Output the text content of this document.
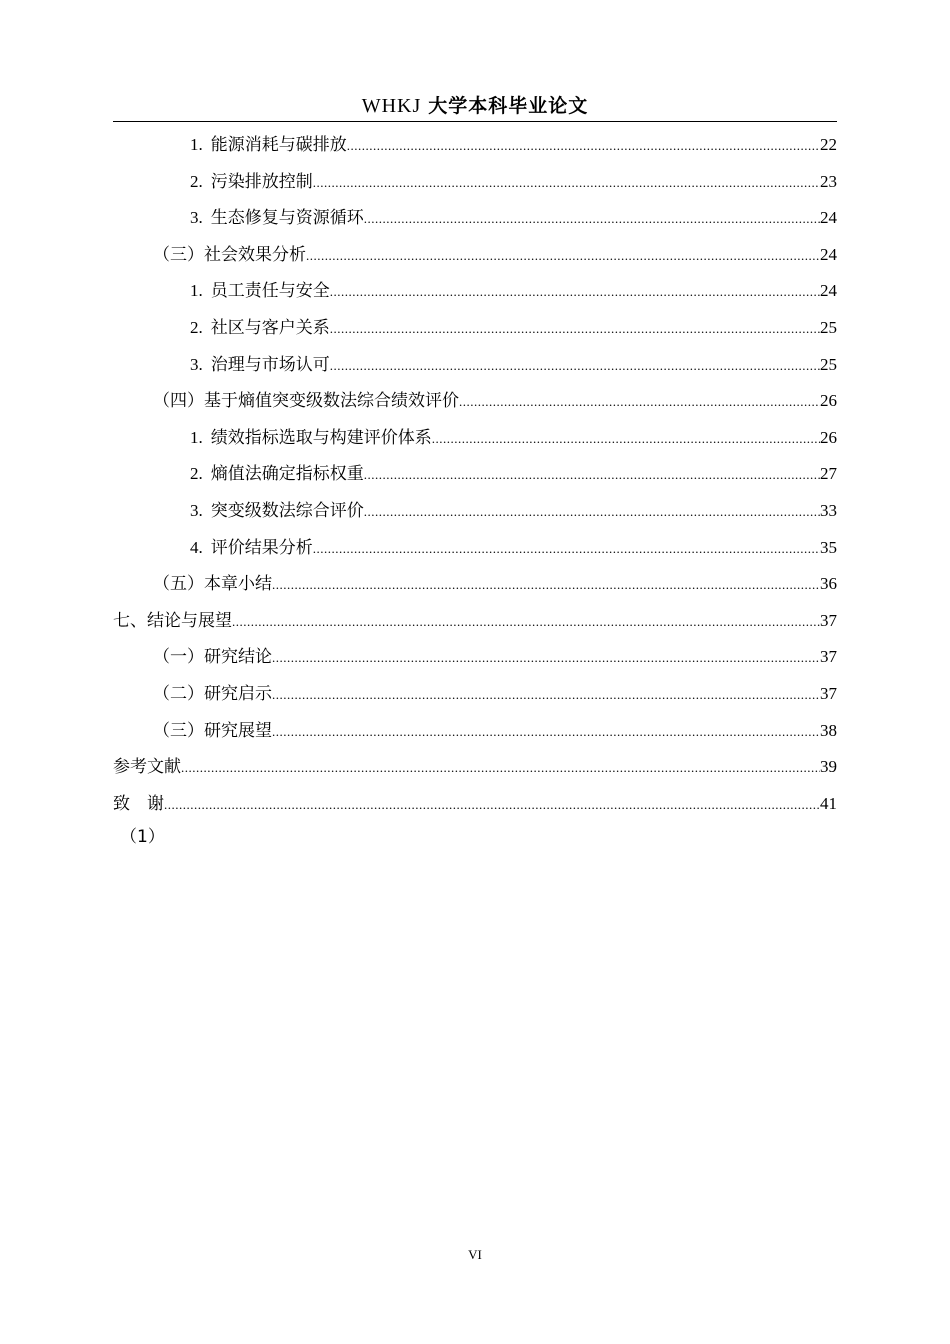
WHKJ 大学本科毕业论文
1. 能源消耗与碳排放 .....	22
2. 污染排放控制 .....	23
3. 生态修复与资源循环 .....	24
（三）社会效果分析 .....	24
1. 员工责任与安全 .....	24
2. 社区与客户关系 .....	25
3. 治理与市场认可 .....	25
（四）基于熵值突变级数法综合绩效评价 .....	26
1. 绩效指标选取与构建评价体系 .....	26
2. 熵值法确定指标权重 .....	27
3. 突变级数法综合评价 .....	33
4. 评价结果分析 .....	35
（五）本章小结 .....	36
七、结论与展望 .....	37
（一）研究结论 .....	37
（二）研究启示 .....	37
（三）研究展望 .....	38
参考文献 .....	39
致　谢 .....	41
（1）
VI
